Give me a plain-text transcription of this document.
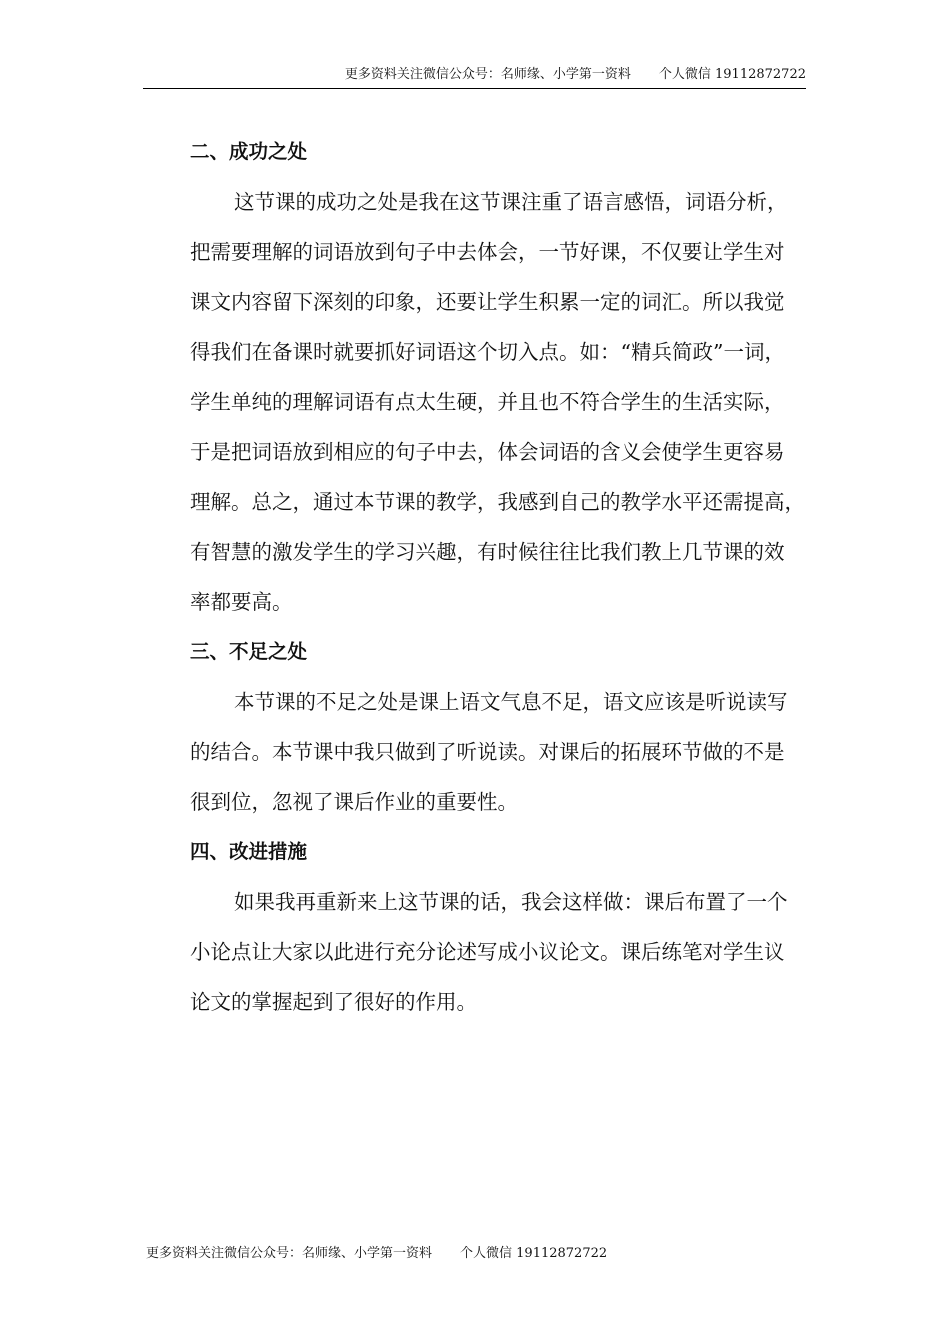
更多资料关注微信公众号：名师缘、小学第一资料 个人微信 19112872722
二、成功之处
这节课的成功之处是我在这节课注重了语言感悟，词语分析，
把需要理解的词语放到句子中去体会，一节好课，不仅要让学生对
课文内容留下深刻的印象，还要让学生积累一定的词汇。所以我觉
得我们在备课时就要抓好词语这个切入点。如：“精兵简政”一词，
学生单纯的理解词语有点太生硬，并且也不符合学生的生活实际，
于是把词语放到相应的句子中去，体会词语的含义会使学生更容易
理解。总之，通过本节课的教学，我感到自己的教学水平还需提高，
有智慧的激发学生的学习兴趣，有时候往往比我们教上几节课的效
率都要高。
三、不足之处
本节课的不足之处是课上语文气息不足，语文应该是听说读写
的结合。本节课中我只做到了听说读。对课后的拓展环节做的不是
很到位，忽视了课后作业的重要性。
四、改进措施
如果我再重新来上这节课的话，我会这样做：课后布置了一个
小论点让大家以此进行充分论述写成小议论文。课后练笔对学生议
论文的掌握起到了很好的作用。
更多资料关注微信公众号：名师缘、小学第一资料 个人微信 19112872722
